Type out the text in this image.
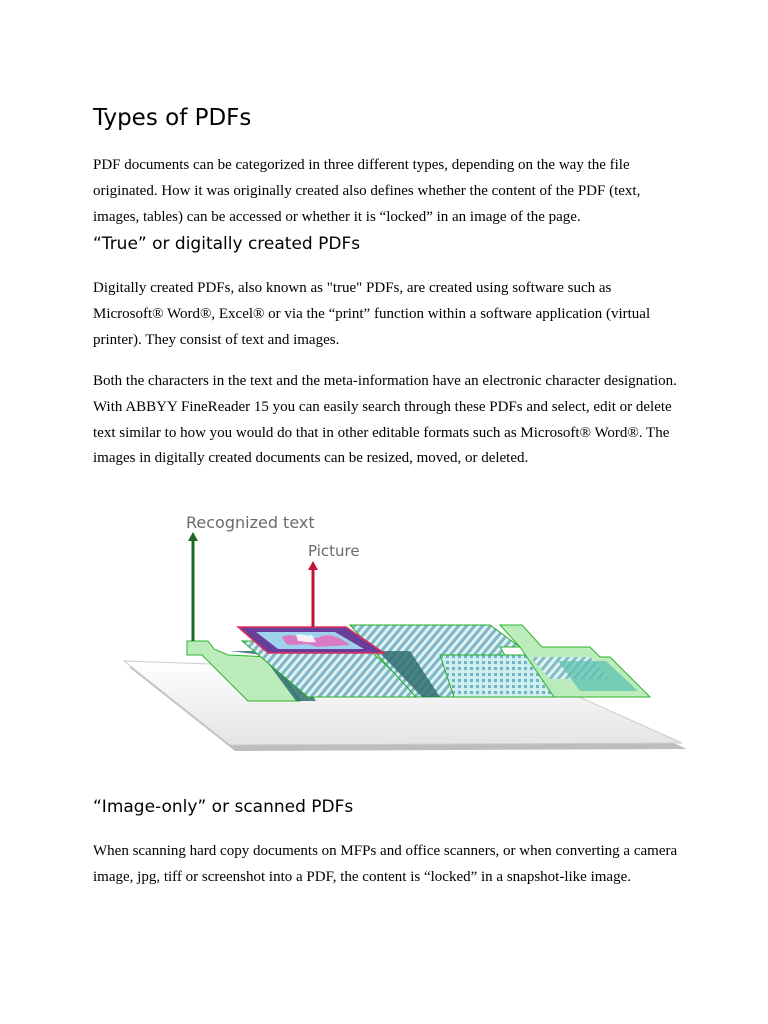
Types of PDFs

PDF documents can be categorized in three different types, depending on the way the file originated. How it was originally created also defines whether the content of the PDF (text, images, tables) can be accessed or whether it is “locked” in an image of the page.

“True” or digitally created PDFs

Digitally created PDFs, also known as "true" PDFs, are created using software such as Microsoft® Word®, Excel® or via the “print” function within a software application (virtual printer). They consist of text and images.

Both the characters in the text and the meta-information have an electronic character designation. With ABBYY FineReader 15 you can easily search through these PDFs and select, edit or delete text similar to how you would do that in other editable formats such as Microsoft® Word®. The images in digitally created documents can be resized, moved, or deleted.

Recognized text
Picture
“Image-only” or scanned PDFs

When scanning hard copy documents on MFPs and office scanners, or when converting a camera image, jpg, tiff or screenshot into a PDF, the content is “locked” in a snapshot-like image.
